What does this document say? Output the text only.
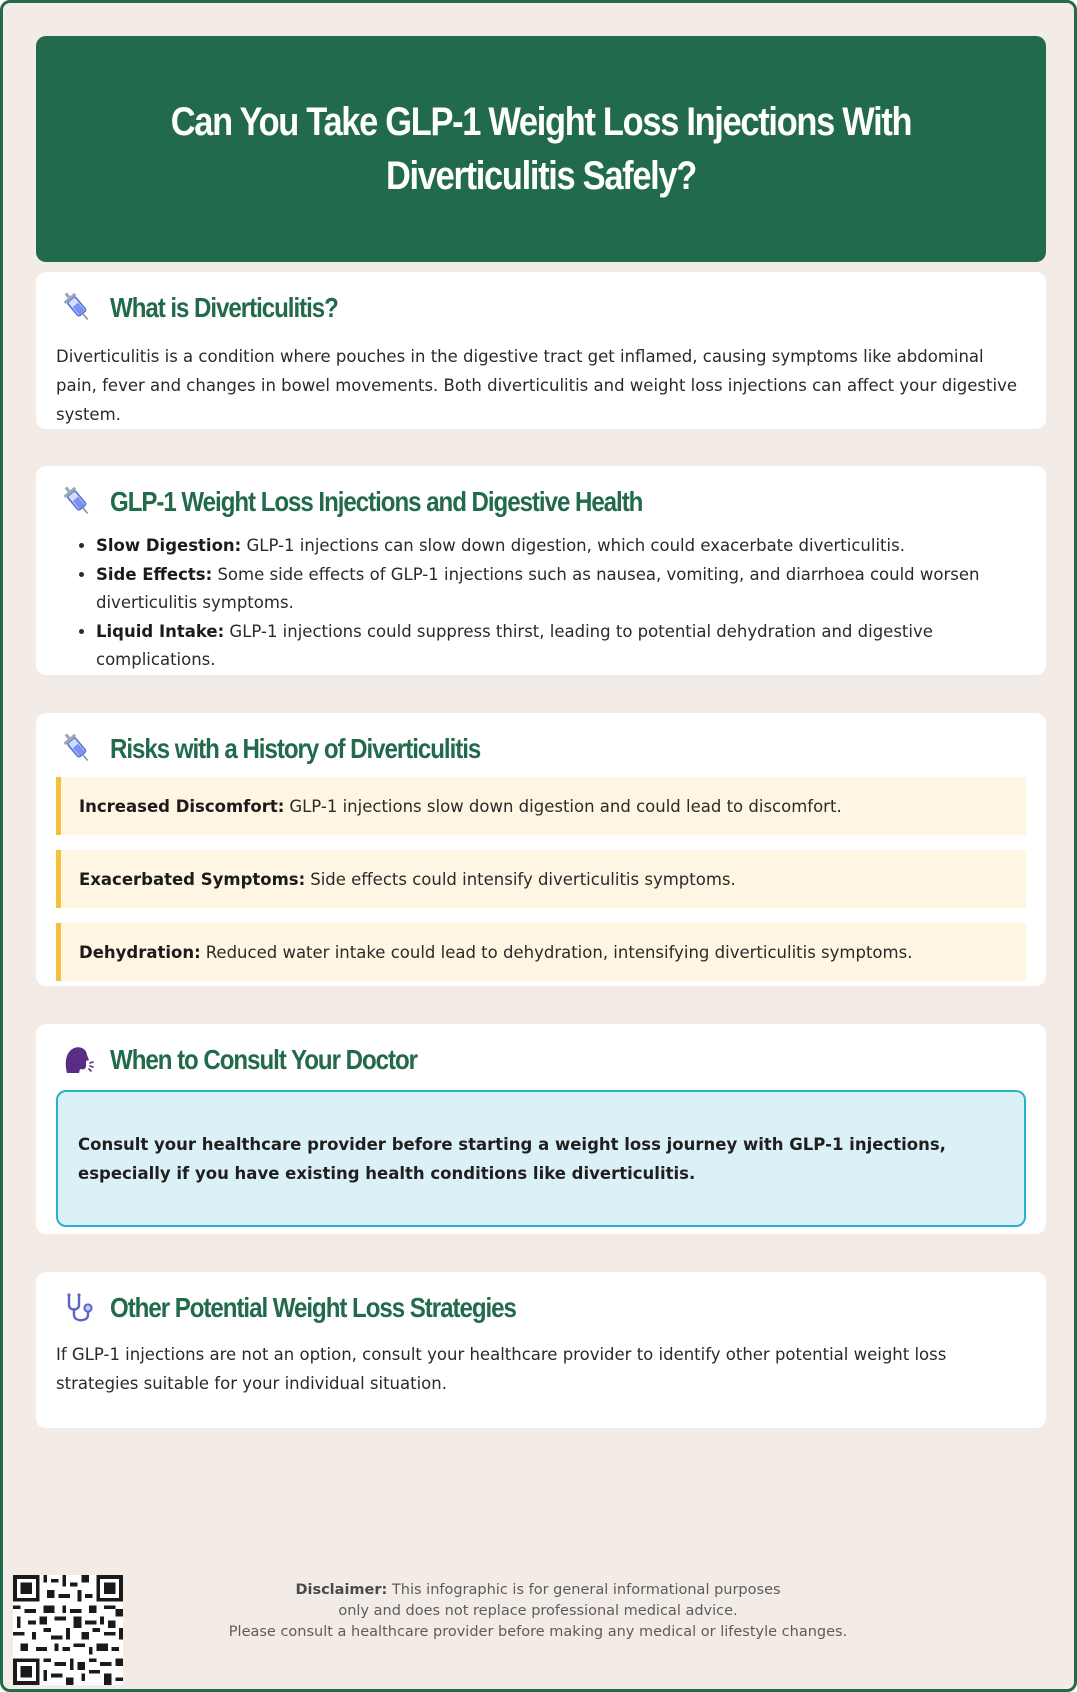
Can You Take GLP-1 Weight Loss Injections With Diverticulitis Safely?
What is Diverticulitis?

Diverticulitis is a condition where pouches in the digestive tract get inflamed, causing symptoms like abdominal pain, fever and changes in bowel movements. Both diverticulitis and weight loss injections can affect your digestive system.

GLP-1 Weight Loss Injections and Digestive Health
• Slow Digestion: GLP-1 injections can slow down digestion, which could exacerbate diverticulitis.
• Side Effects: Some side effects of GLP-1 injections such as nausea, vomiting, and diarrhoea could worsen diverticulitis symptoms.
• Liquid Intake: GLP-1 injections could suppress thirst, leading to potential dehydration and digestive complications.
Risks with a History of Diverticulitis
Increased Discomfort: GLP-1 injections slow down digestion and could lead to discomfort.
Exacerbated Symptoms: Side effects could intensify diverticulitis symptoms.
Dehydration: Reduced water intake could lead to dehydration, intensifying diverticulitis symptoms.
When to Consult Your Doctor

Consult your healthcare provider before starting a weight loss journey with GLP-1 injections, especially if you have existing health conditions like diverticulitis.

Other Potential Weight Loss Strategies

If GLP-1 injections are not an option, consult your healthcare provider to identify other potential weight loss strategies suitable for your individual situation.

Disclaimer: This infographic is for general informational purposes
only and does not replace professional medical advice.
Please consult a healthcare provider before making any medical or lifestyle changes.
